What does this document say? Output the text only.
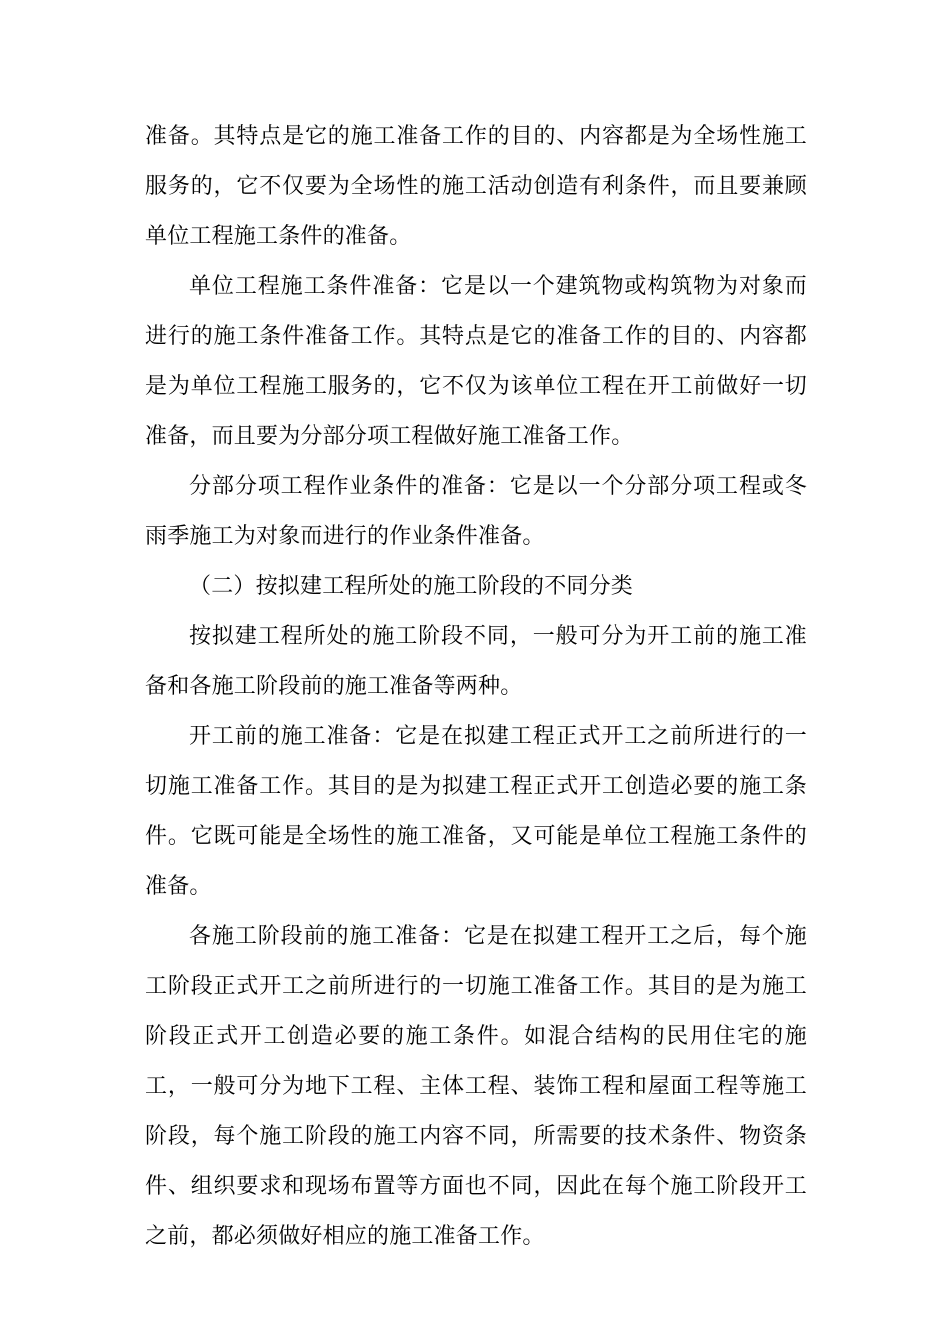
准备。其特点是它的施工准备工作的目的、内容都是为全场性施工服务的，它不仅要为全场性的施工活动创造有利条件，而且要兼顾单位工程施工条件的准备。

单位工程施工条件准备：它是以一个建筑物或构筑物为对象而进行的施工条件准备工作。其特点是它的准备工作的目的、内容都是为单位工程施工服务的，它不仅为该单位工程在开工前做好一切准备，而且要为分部分项工程做好施工准备工作。

分部分项工程作业条件的准备：它是以一个分部分项工程或冬雨季施工为对象而进行的作业条件准备。

（二）按拟建工程所处的施工阶段的不同分类

按拟建工程所处的施工阶段不同，一般可分为开工前的施工准备和各施工阶段前的施工准备等两种。

开工前的施工准备：它是在拟建工程正式开工之前所进行的一切施工准备工作。其目的是为拟建工程正式开工创造必要的施工条件。它既可能是全场性的施工准备，又可能是单位工程施工条件的准备。

各施工阶段前的施工准备：它是在拟建工程开工之后，每个施工阶段正式开工之前所进行的一切施工准备工作。其目的是为施工阶段正式开工创造必要的施工条件。如混合结构的民用住宅的施工，一般可分为地下工程、主体工程、装饰工程和屋面工程等施工阶段，每个施工阶段的施工内容不同，所需要的技术条件、物资条件、组织要求和现场布置等方面也不同，因此在每个施工阶段开工之前，都必须做好相应的施工准备工作。
